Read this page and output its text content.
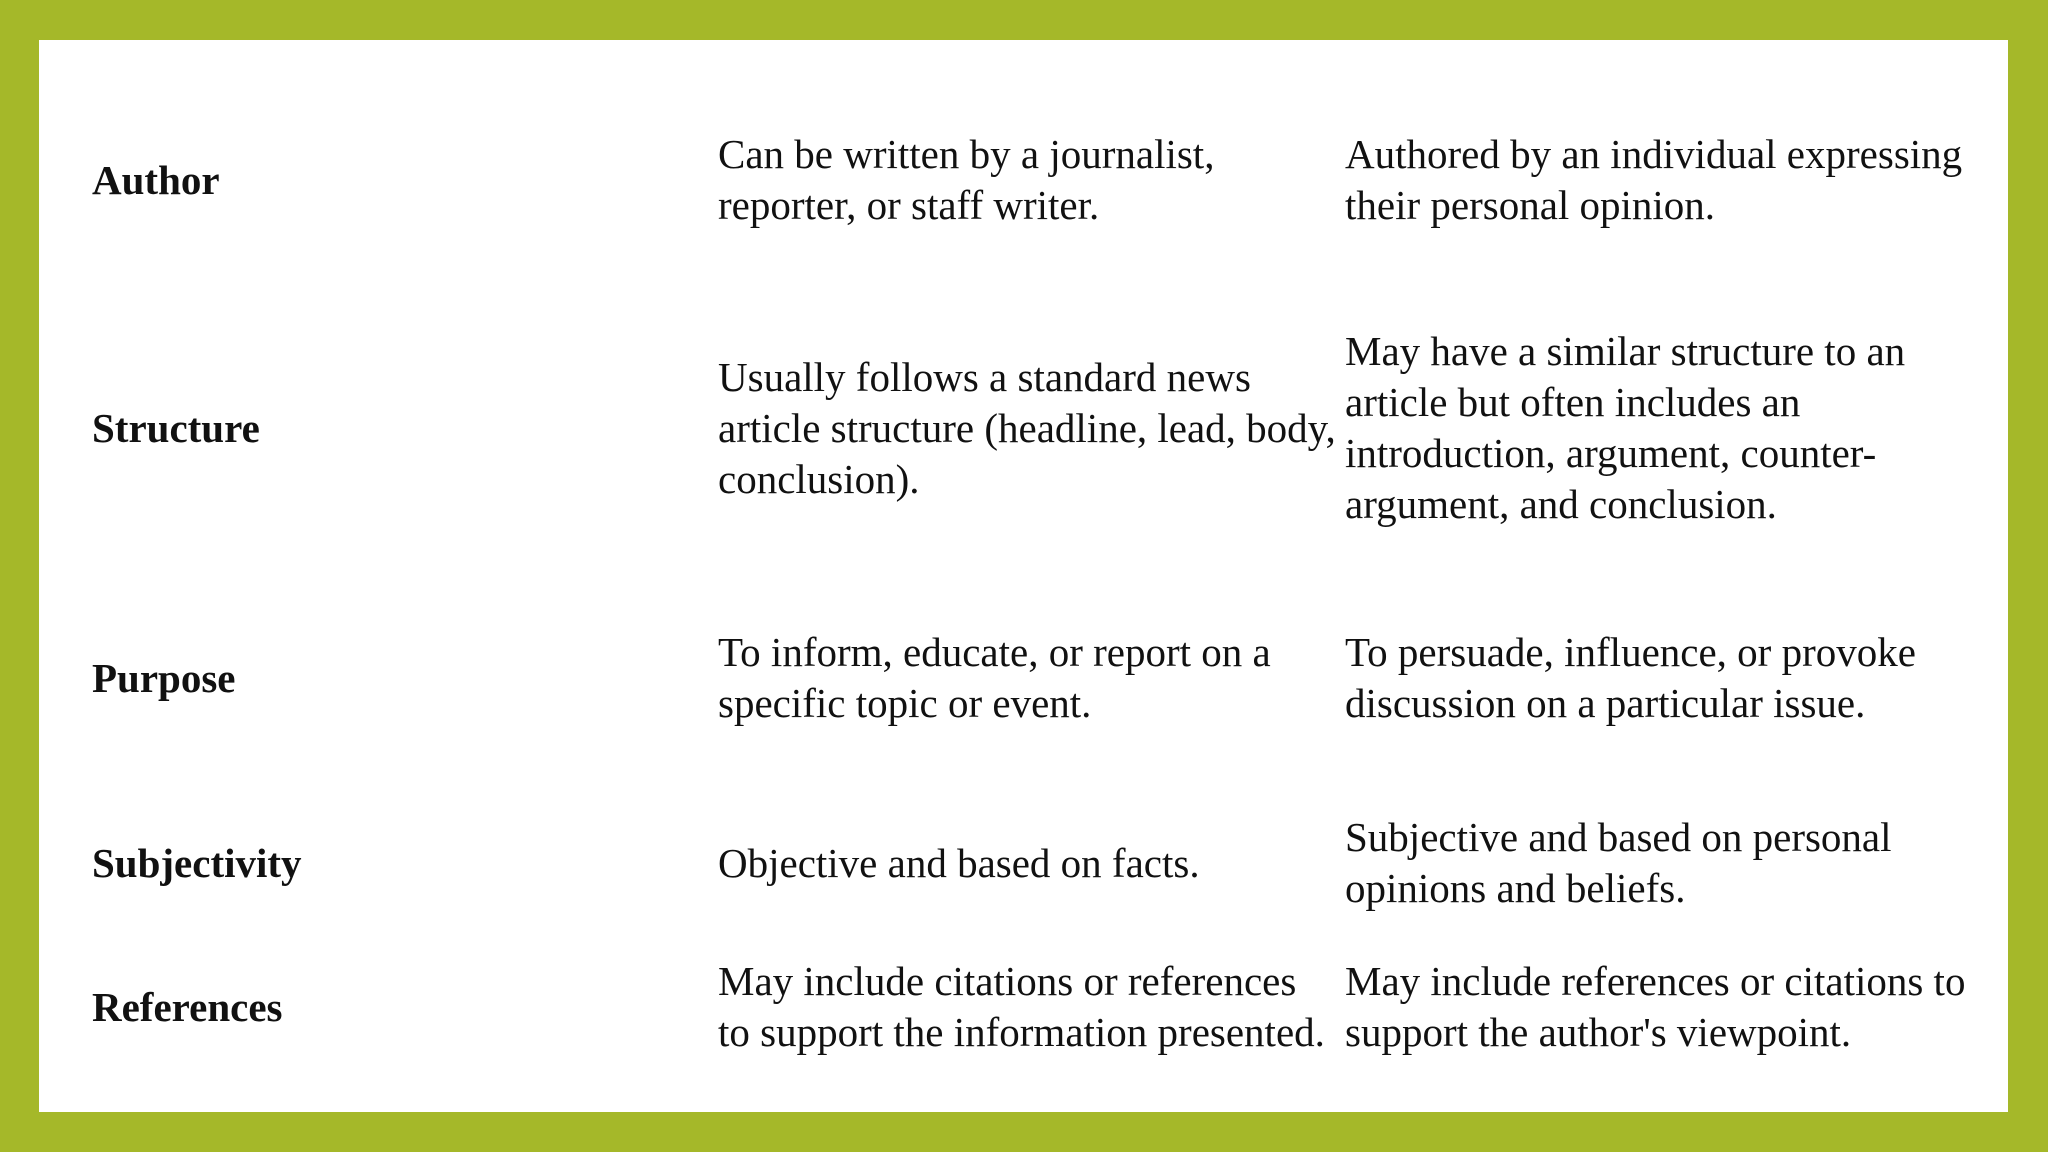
Author
Can be written by a journalist, reporter, or staff writer.
Authored by an individual expressing their personal opinion.
Structure
Usually follows a standard news article structure (headline, lead, body, conclusion).
May have a similar structure to an article but often includes an introduction, argument, counter-argument, and conclusion.
Purpose
To inform, educate, or report on a specific topic or event.
To persuade, influence, or provoke discussion on a particular issue.
Subjectivity	Objective and based on facts.
Subjective and based on personal opinions and beliefs.
References
May include citations or references to support the information presented.
May include references or citations to support the author's viewpoint.
